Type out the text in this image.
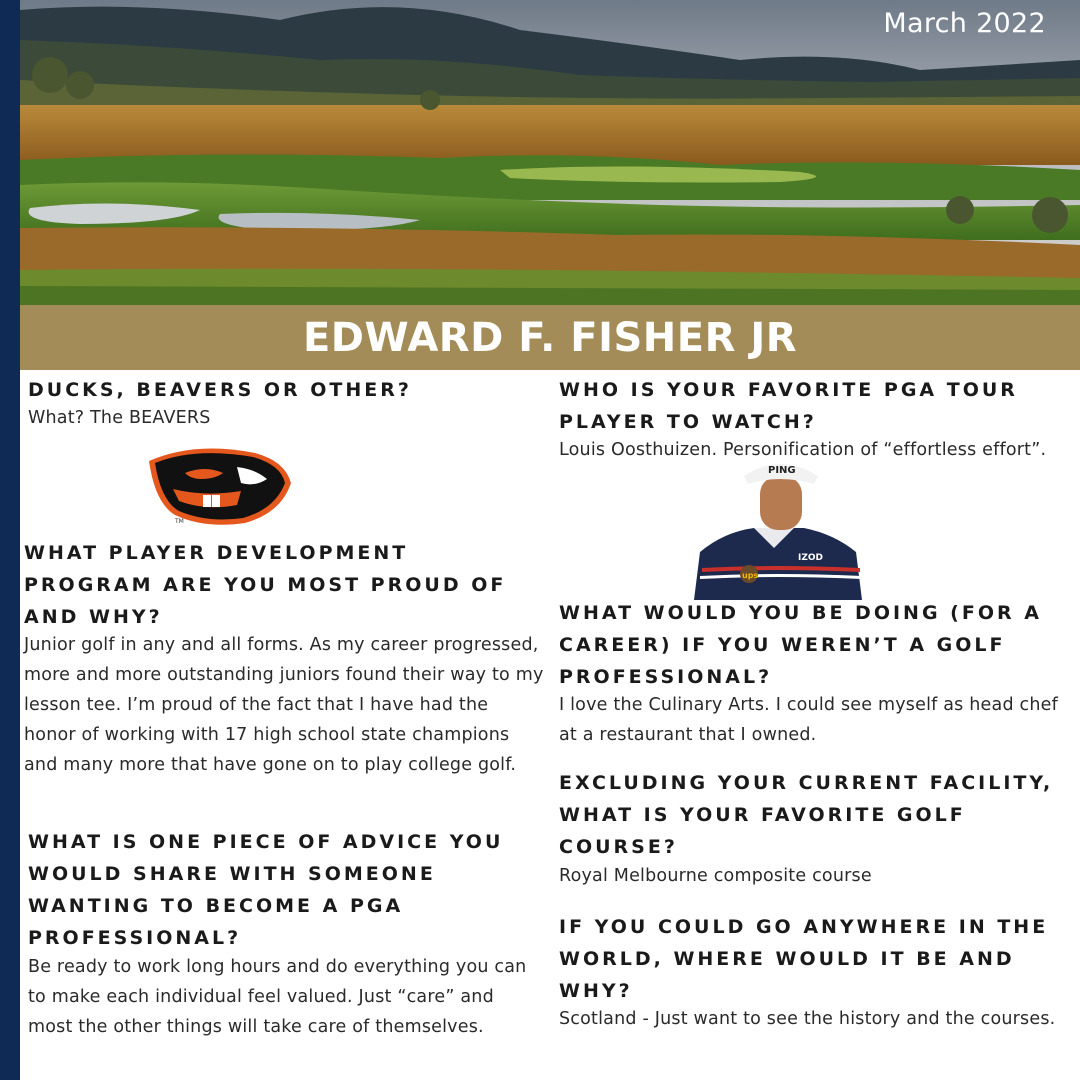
March 2022
EDWARD F. FISHER JR
DUCKS, BEAVERS OR OTHER?
What? The BEAVERS
TM
WHAT PLAYER DEVELOPMENT PROGRAM ARE YOU MOST PROUD OF AND WHY?
Junior golf in any and all forms. As my career progressed, more and more outstanding juniors found their way to my lesson tee. I’m proud of the fact that I have had the honor of working with 17 high school state champions and many more that have gone on to play college golf.
WHAT IS ONE PIECE OF ADVICE YOU WOULD SHARE WITH SOMEONE WANTING TO BECOME A PGA PROFESSIONAL?
Be ready to work long hours and do everything you can to make each individual feel valued. Just “care” and most the other things will take care of themselves.
WHO IS YOUR FAVORITE PGA TOUR PLAYER TO WATCH?
Louis Oosthuizen. Personification of “effortless effort”.
PING
IZOD
ups
WHAT WOULD YOU BE DOING (FOR A CAREER) IF YOU WEREN’T A GOLF PROFESSIONAL?
I love the Culinary Arts. I could see myself as head chef at a restaurant that I owned.
EXCLUDING YOUR CURRENT FACILITY, WHAT IS YOUR FAVORITE GOLF COURSE?
Royal Melbourne composite course
IF YOU COULD GO ANYWHERE IN THE WORLD, WHERE WOULD IT BE AND WHY?
Scotland - Just want to see the history and the courses.
